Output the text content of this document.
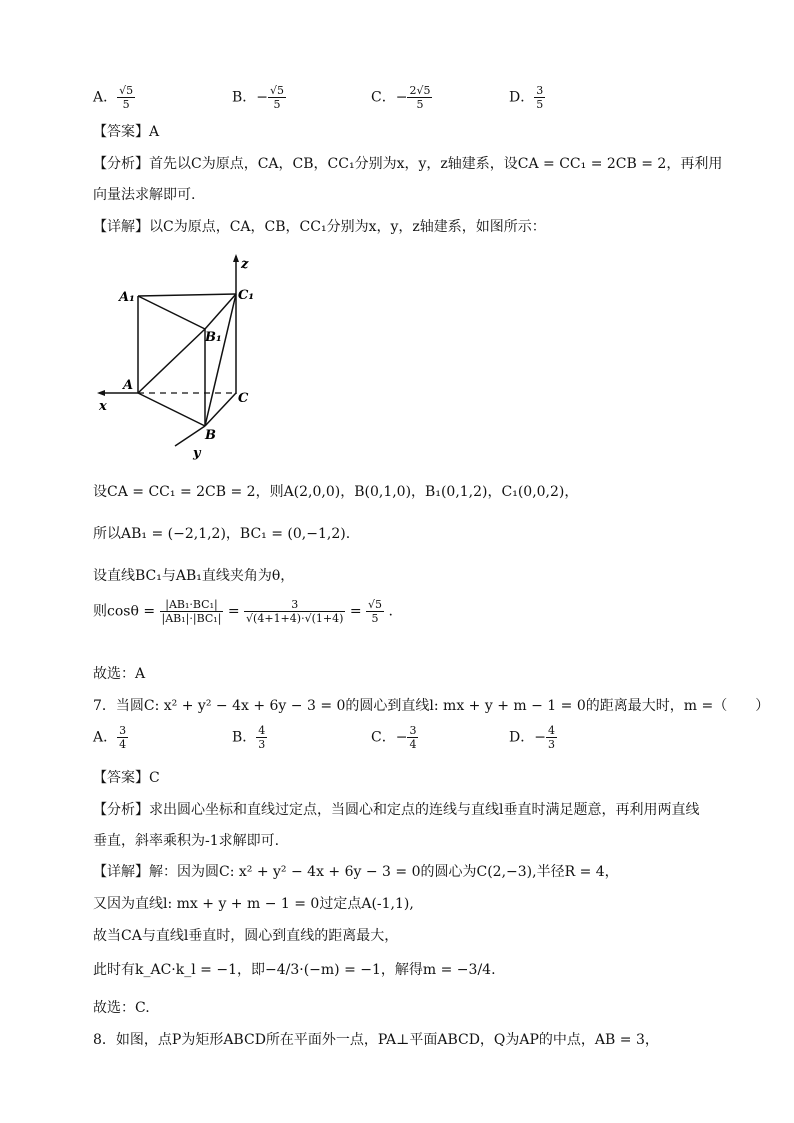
A． $\frac{√5}{5}$	B．− $\frac{√5}{5}$	C．− $\frac{2√5}{5}$	D． $\frac{3}{5}$
【答案】A
【分析】首先以C为原点，CA，CB，CC₁分别为x，y，z轴建系，设CA = CC₁ = 2CB = 2，再利用
向量法求解即可.
【详解】以C为原点，CA，CB，CC₁分别为x，y，z轴建系，如图所示：
z
x
y
A₁	C₁
B₁
A
C
B
设CA = CC₁ = 2CB = 2，则A(2,0,0)，B(0,1,0)，B₁(0,1,2)，C₁(0,0,2)，
所以AB₁ = (−2,1,2)，BC₁ = (0,−1,2).
设直线BC₁与AB₁直线夹角为θ，
则$\cos\theta = \frac{\text{|AB₁·BC₁|}}{\text{|AB₁|·|BC₁|}} = \frac{3}{√(4+1+4)\cdot√(1+4)} = \frac{√5}{5}$ .
故选：A
7．当圆C: x² + y² − 4x + 6y − 3 = 0的圆心到直线l: mx + y + m − 1 = 0的距离最大时，m =（　　）
A． $\frac{3}{4}$	B． $\frac{4}{3}$	C．− $\frac{3}{4}$	D．− $\frac{4}{3}$
【答案】C
【分析】求出圆心坐标和直线过定点，当圆心和定点的连线与直线l垂直时满足题意，再利用两直线
垂直，斜率乘积为-1求解即可.
【详解】解：因为圆C: x² + y² − 4x + 6y − 3 = 0的圆心为C(2,−3),半径R = 4，
又因为直线l: mx + y + m − 1 = 0过定点A(-1,1),
故当CA与直线l垂直时，圆心到直线的距离最大，
此时有k_AC·k_l = −1，即−4/3·(−m) = −1，解得m = −3/4.
故选：C.
8．如图，点P为矩形ABCD所在平面外一点，PA⊥平面ABCD，Q为AP的中点，AB = 3，
